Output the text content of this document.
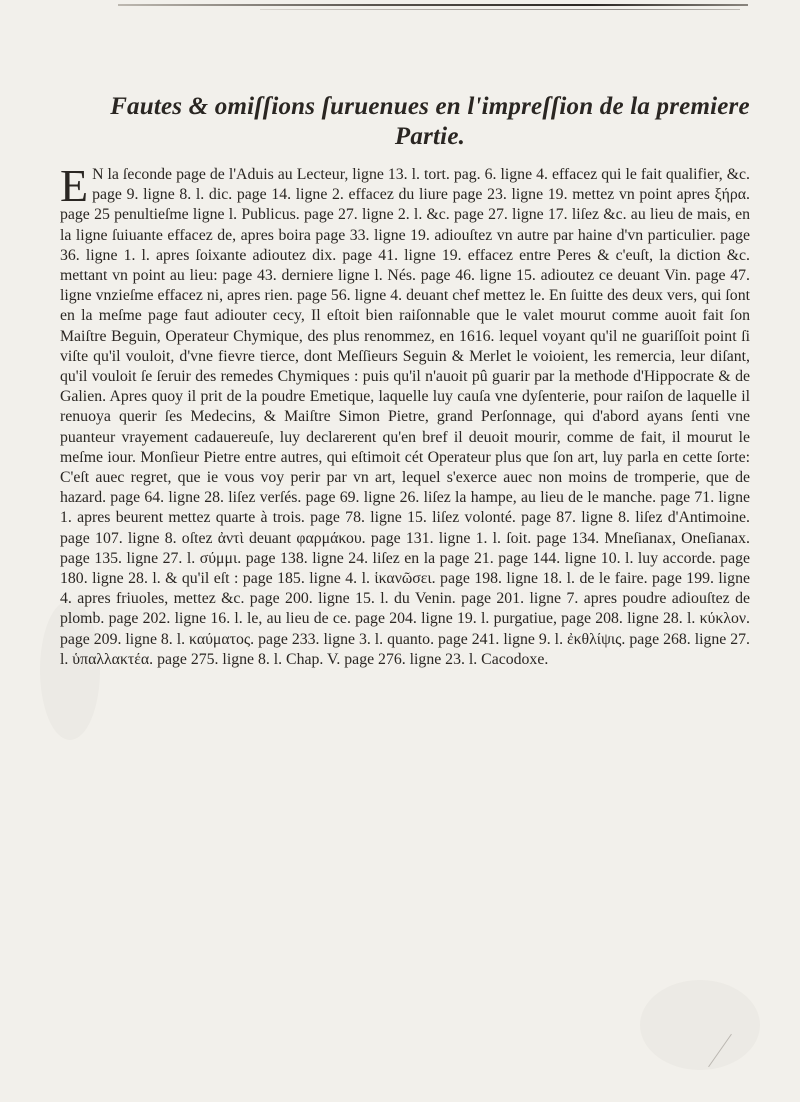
Fautes & omiſſions ſuruenues en l'impreſſion de la premiere
Partie.

E N la ſeconde page de l'Aduis au Lecteur, ligne 13. l. tort. pag. 6. ligne 4. effacez qui le fait qualifier, &c. page 9. ligne 8. l. dic. page 14. ligne 2. effacez du liure page 23. ligne 19. mettez vn point apres ξήρα. page 25 penultieſme ligne l. Publicus. page 27. ligne 2. l. &c. page 27. ligne 17. liſez &c. au lieu de mais, en la ligne ſuiuante effacez de, apres boira page 33. ligne 19. adiouſtez vn autre par haine d'vn particulier. page 36. ligne 1. l. apres ſoixante adioutez dix. page 41. ligne 19. effacez entre Peres & c'euſt, la diction &c. mettant vn point au lieu: page 43. derniere ligne l. Nés. page 46. ligne 15. adioutez ce deuant Vin. page 47. ligne vnzieſme effacez ni, apres rien. page 56. ligne 4. deuant chef mettez le. En ſuitte des deux vers, qui ſont en la meſme page faut adiouter cecy, Il eſtoit bien raiſonnable que le valet mourut comme auoit fait ſon Maiſtre Beguin, Operateur Chymique, des plus renommez, en 1616. lequel voyant qu'il ne guariſſoit point ſi viſte qu'il vouloit, d'vne fievre tierce, dont Meſſieurs Seguin & Merlet le voioient, les remercia, leur diſant, qu'il vouloit ſe ſeruir des remedes Chymiques : puis qu'il n'auoit pû guarir par la methode d'Hippocrate & de Galien. Apres quoy il prit de la poudre Emetique, laquelle luy cauſa vne dyſenterie, pour raiſon de laquelle il renuoya querir ſes Medecins, & Maiſtre Simon Pietre, grand Perſonnage, qui d'abord ayans ſenti vne puanteur vrayement cadauereuſe, luy declarerent qu'en bref il deuoit mourir, comme de fait, il mourut le meſme iour. Monſieur Pietre entre autres, qui eſtimoit cét Operateur plus que ſon art, luy parla en cette ſorte: C'eſt auec regret, que ie vous voy perir par vn art, lequel s'exerce auec non moins de tromperie, que de hazard. page 64. ligne 28. liſez verſés. page 69. ligne 26. liſez la hampe, au lieu de le manche. page 71. ligne 1. apres beurent mettez quarte à trois. page 78. ligne 15. liſez volonté. page 87. ligne 8. liſez d'Antimoine. page 107. ligne 8. oſtez ἀντὶ deuant φαρμάκου. page 131. ligne 1. l. ſoit. page 134. Mneſianax, Oneſianax. page 135. ligne 27. l. σύμμι. page 138. ligne 24. liſez en la page 21. page 144. ligne 10. l. luy accorde. page 180. ligne 28. l. & qu'il eſt : page 185. ligne 4. l. ἱκανῶσει. page 198. ligne 18. l. de le faire. page 199. ligne 4. apres friuoles, mettez &c. page 200. ligne 15. l. du Venin. page 201. ligne 7. apres poudre adiouſtez de plomb. page 202. ligne 16. l. le, au lieu de ce. page 204. ligne 19. l. purgatiue, page 208. ligne 28. l. κύκλον. page 209. ligne 8. l. καύματος. page 233. ligne 3. l. quanto. page 241. ligne 9. l. ἐκθλίψις. page 268. ligne 27. l. ὑπαλλακτέα. page 275. ligne 8. l. Chap. V. page 276. ligne 23. l. Cacodoxe.
